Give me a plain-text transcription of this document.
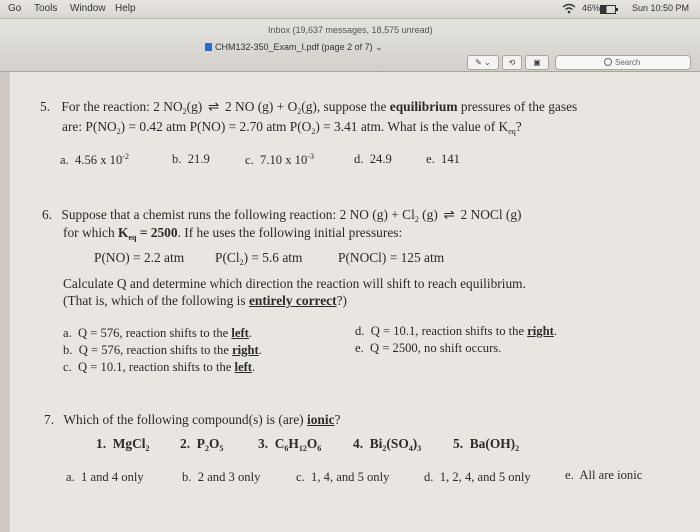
Go Tools Window Help	46%	Sun 10:50 PM
Inbox (19,637 messages, 18,575 unread)
CHM132-350_Exam_I.pdf (page 2 of 7) ⌄
✎ ⌄	⟲	▣	Search
5. For the reaction: 2 $NO_2(g)$ ⇌ 2 NO $(g) + O_2(g)$, suppose the equilibrium pressures of the gases
are: $P(NO_2) = 0.42$ atm P(NO) = 2.70 atm $P(O_2) = 3.41$ atm. What is the value of $K_{eq}$?
a. 4.56 x $10^{-2}$	b. 21.9	c. 7.10 x $10^{-3}$	d. 24.9	e. 141
6. Suppose that a chemist runs the following reaction: 2 NO $(g) + Cl_2$ (g) ⇌ 2 NOCl (g)
for which $K_{eq} = 2500$. If he uses the following initial pressures:
P(NO) = 2.2 atm $P(Cl_2) = 5.6$ atm	P(NOCl) = 125 atm
Calculate Q and determine which direction the reaction will shift to reach equilibrium.
(That is, which of the following is entirely correct?)
a. Q = 576, reaction shifts to the left.
b. Q = 576, reaction shifts to the right.
c. Q = 10.1, reaction shifts to the left.
d. Q = 10.1, reaction shifts to the right.
e. Q = 2500, no shift occurs.
7. Which of the following compound(s) is (are) ionic?
1. MgCl$_2$ 2. $P_2O_5$	3. $C_6H_{12}O_6$ 4. $Bi_2(SO_4)_3$ 5. $Ba(OH)_2$
a. 1 and 4 only	b. 2 and 3 only	c. 1, 4, and 5 only	d. 1, 2, 4, and 5 only	e. All are ionic
